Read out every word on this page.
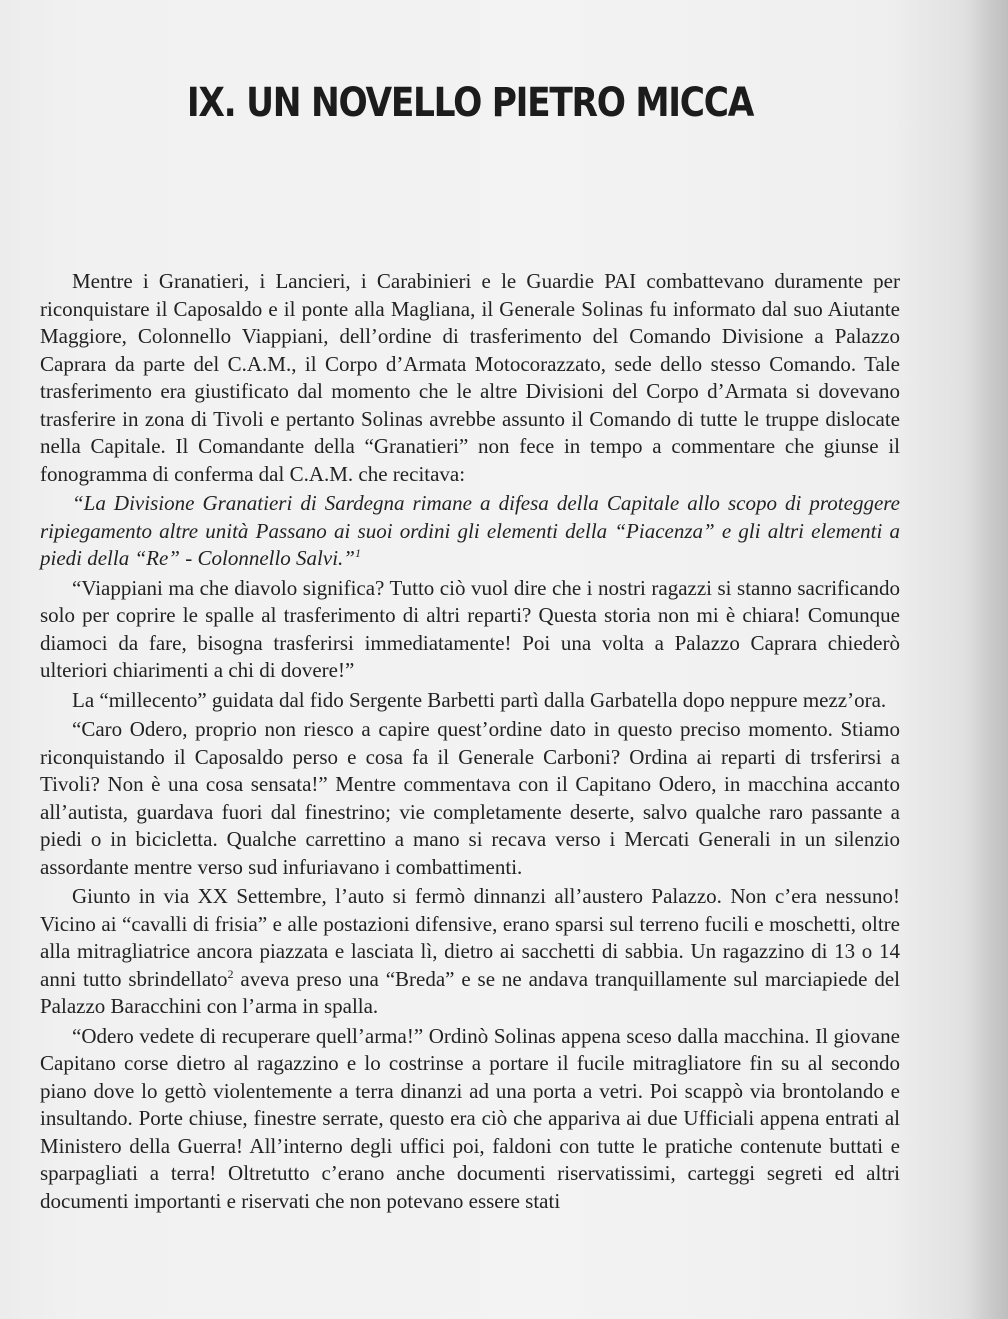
IX. UN NOVELLO PIETRO MICCA

Mentre i Granatieri, i Lancieri, i Carabinieri e le Guardie PAI combattevano duramente per riconquistare il Caposaldo e il ponte alla Magliana, il Generale Solinas fu informato dal suo Aiutante Maggiore, Colonnello Viappiani, dell’ordine di trasferimento del Comando Divisione a Palazzo Caprara da parte del C.A.M., il Corpo d’Armata Motocorazzato, sede dello stesso Comando. Tale trasferimento era giustificato dal momento che le altre Divisioni del Corpo d’Armata si dovevano trasferire in zona di Tivoli e pertanto Solinas avrebbe assunto il Comando di tutte le truppe dislocate nella Capitale. Il Comandante della “Granatieri” non fece in tempo a commentare che giunse il fonogramma di conferma dal C.A.M. che recitava:

“La Divisione Granatieri di Sardegna rimane a difesa della Capitale allo scopo di proteggere ripiegamento altre unità Passano ai suoi ordini gli elementi della “Piacenza” e gli altri elementi a piedi della “Re” - Colonnello Salvi.”$^1$

“Viappiani ma che diavolo significa? Tutto ciò vuol dire che i nostri ragazzi si stanno sacrificando solo per coprire le spalle al trasferimento di altri reparti? Questa storia non mi è chiara! Comunque diamoci da fare, bisogna trasferirsi immediatamente! Poi una volta a Palazzo Caprara chiederò ulteriori chiarimenti a chi di dovere!”

La “millecento” guidata dal fido Sergente Barbetti partì dalla Garbatella dopo neppure mezz’ora.

“Caro Odero, proprio non riesco a capire quest’ordine dato in questo preciso momento. Stiamo riconquistando il Caposaldo perso e cosa fa il Generale Carboni? Ordina ai reparti di trsferirsi a Tivoli? Non è una cosa sensata!” Mentre commentava con il Capitano Odero, in macchina accanto all’autista, guardava fuori dal finestrino; vie completamente deserte, salvo qualche raro passante a piedi o in bicicletta. Qualche carrettino a mano si recava verso i Mercati Generali in un silenzio assordante mentre verso sud infuriavano i combattimenti.

Giunto in via XX Settembre, l’auto si fermò dinnanzi all’austero Palazzo. Non c’era nessuno! Vicino ai “cavalli di frisia” e alle postazioni difensive, erano sparsi sul terreno fucili e moschetti, oltre alla mitragliatrice ancora piazzata e lasciata lì, dietro ai sacchetti di sabbia. Un ragazzino di 13 o 14 anni tutto sbrindellato$^2$ aveva preso una “Breda” e se ne andava tranquillamente sul marciapiede del Palazzo Baracchini con l’arma in spalla.

“Odero vedete di recuperare quell’arma!” Ordinò Solinas appena sceso dalla macchina. Il giovane Capitano corse dietro al ragazzino e lo costrinse a portare il fucile mitragliatore fin su al secondo piano dove lo gettò violentemente a terra dinanzi ad una porta a vetri. Poi scappò via brontolando e insultando. Porte chiuse, finestre serrate, questo era ciò che appariva ai due Ufficiali appena entrati al Ministero della Guerra! All’interno degli uffici poi, faldoni con tutte le pratiche contenute buttati e sparpagliati a terra! Oltretutto c’erano anche documenti riservatissimi, carteggi segreti ed altri documenti importanti e riservati che non potevano essere stati
